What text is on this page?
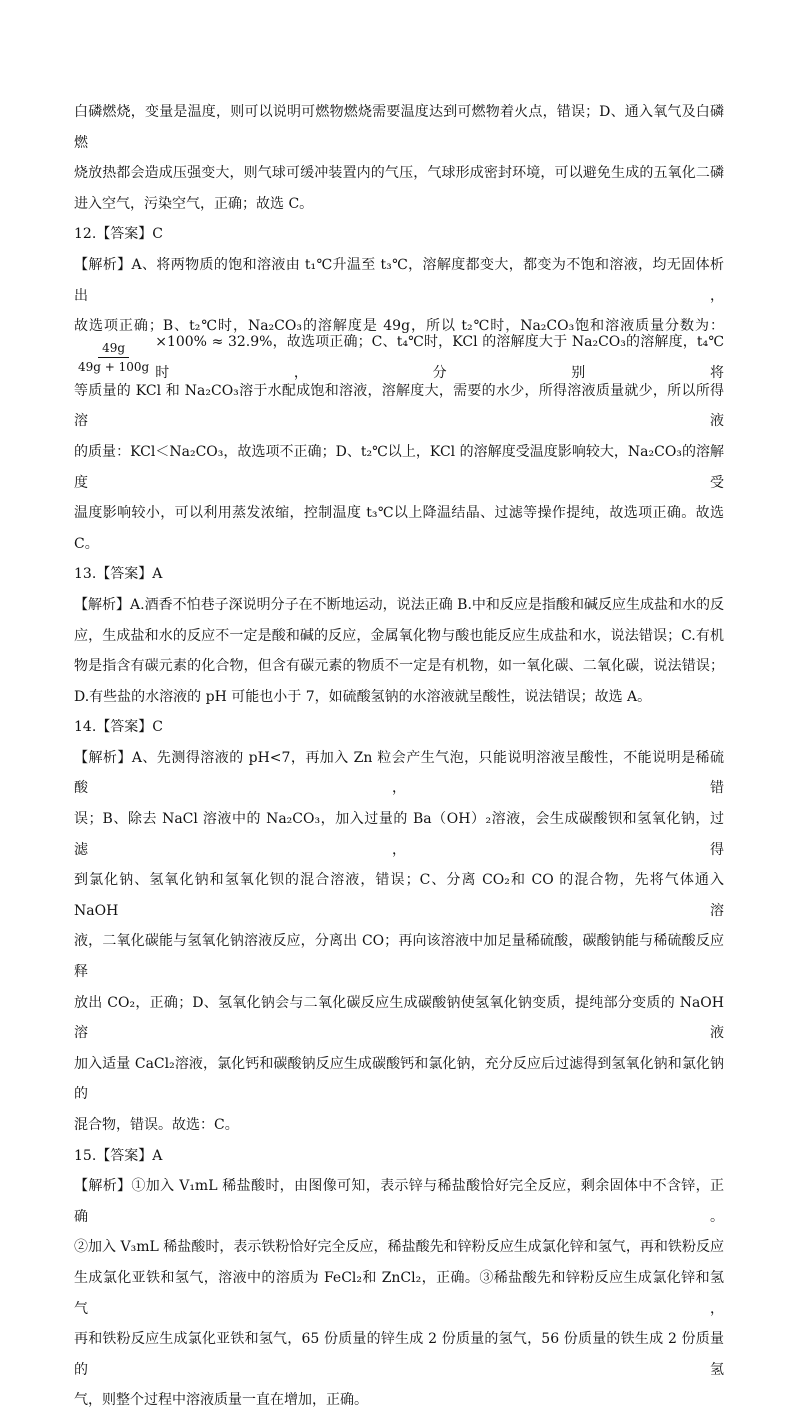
白磷燃烧，变量是温度，则可以说明可燃物燃烧需要温度达到可燃物着火点，错误；D、通入氧气及白磷燃

烧放热都会造成压强变大，则气球可缓冲装置内的气压，气球形成密封环境，可以避免生成的五氧化二磷

进入空气，污染空气，正确；故选 C。

12.【答案】C

【解析】A、将两物质的饱和溶液由 t₁℃升温至 t₃℃，溶解度都变大，都变为不饱和溶液，均无固体析出，

故选项正确；B、t₂℃时，Na₂CO₃的溶解度是 49g，所以 t₂℃时，Na₂CO₃饱和溶液质量分数为：

$\frac{49g}{49g + 100g} \times 100\% \approx 32.9\%$，故选项正确；C、t₄℃时，KCl 的溶解度大于 Na₂CO₃的溶解度，t₄℃时，分别将

等质量的 KCl 和 Na₂CO₃溶于水配成饱和溶液，溶解度大，需要的水少，所得溶液质量就少，所以所得溶液

的质量：KCl＜Na₂CO₃，故选项不正确；D、t₂℃以上，KCl 的溶解度受温度影响较大，Na₂CO₃的溶解度受

温度影响较小，可以利用蒸发浓缩，控制温度 t₃℃以上降温结晶、过滤等操作提纯，故选项正确。故选 C。

13.【答案】A

【解析】A.酒香不怕巷子深说明分子在不断地运动，说法正确 B.中和反应是指酸和碱反应生成盐和水的反

应，生成盐和水的反应不一定是酸和碱的反应，金属氧化物与酸也能反应生成盐和水，说法错误；C.有机

物是指含有碳元素的化合物，但含有碳元素的物质不一定是有机物，如一氧化碳、二氧化碳，说法错误；

D.有些盐的水溶液的 pH 可能也小于 7，如硫酸氢钠的水溶液就呈酸性，说法错误；故选 A。

14.【答案】C

【解析】A、先测得溶液的 pH<7，再加入 Zn 粒会产生气泡，只能说明溶液呈酸性，不能说明是稀硫酸，错

误；B、除去 NaCl 溶液中的 Na₂CO₃，加入过量的 Ba（OH）₂溶液，会生成碳酸钡和氢氧化钠，过滤，得

到氯化钠、氢氧化钠和氢氧化钡的混合溶液，错误；C、分离 CO₂和 CO 的混合物，先将气体通入 NaOH 溶

液，二氧化碳能与氢氧化钠溶液反应，分离出 CO；再向该溶液中加足量稀硫酸，碳酸钠能与稀硫酸反应释

放出 CO₂，正确；D、氢氧化钠会与二氧化碳反应生成碳酸钠使氢氧化钠变质，提纯部分变质的 NaOH 溶液

加入适量 CaCl₂溶液，氯化钙和碳酸钠反应生成碳酸钙和氯化钠，充分反应后过滤得到氢氧化钠和氯化钠的

混合物，错误。故选：C。

15.【答案】A

【解析】①加入 V₁mL 稀盐酸时，由图像可知，表示锌与稀盐酸恰好完全反应，剩余固体中不含锌，正确。

②加入 V₃mL 稀盐酸时，表示铁粉恰好完全反应，稀盐酸先和锌粉反应生成氯化锌和氢气，再和铁粉反应

生成氯化亚铁和氢气，溶液中的溶质为 FeCl₂和 ZnCl₂，正确。③稀盐酸先和锌粉反应生成氯化锌和氢气，

再和铁粉反应生成氯化亚铁和氢气，65 份质量的锌生成 2 份质量的氢气，56 份质量的铁生成 2 份质量的氢

气，则整个过程中溶液质量一直在增加，正确。
